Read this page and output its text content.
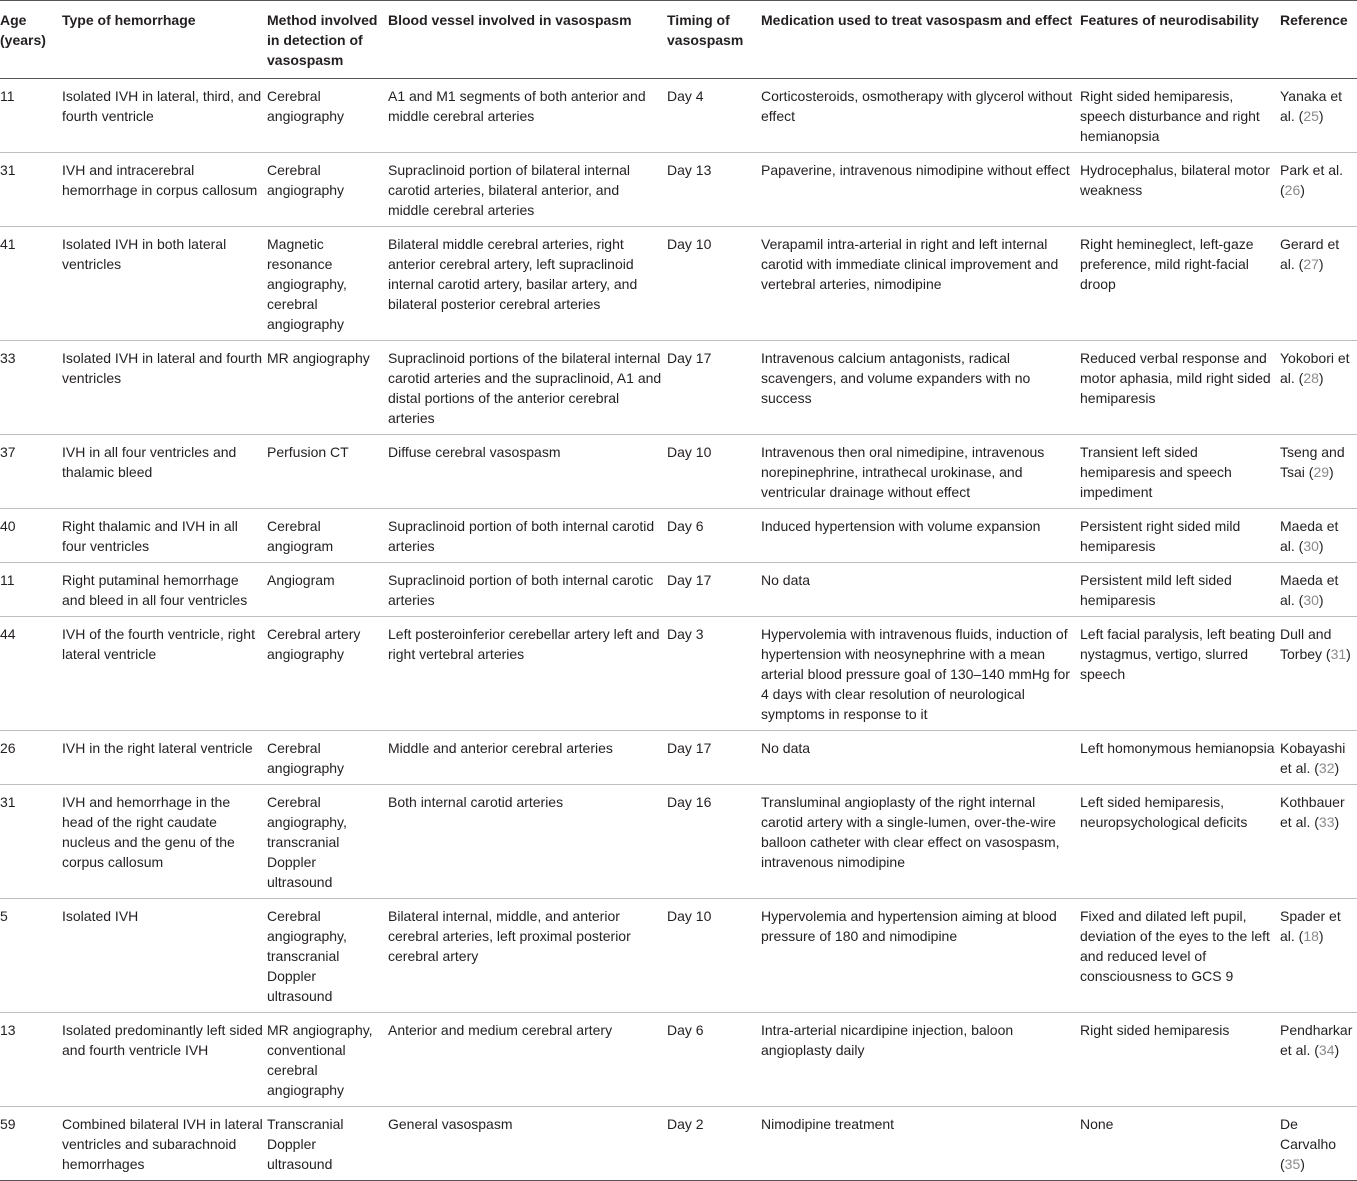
Age (years)	Type of hemorrhage	Method involved in detection of vasospasm	Blood vessel involved in vasospasm	Timing of vasospasm	Medication used to treat vasospasm and effect	Features of neurodisability	Reference
11	Isolated IVH in lateral, third, and fourth ventricle	Cerebral angiography	A1 and M1 segments of both anterior and middle cerebral arteries	Day 4	Corticosteroids, osmotherapy with glycerol without effect	Right sided hemiparesis, speech disturbance and right hemianopsia	Yanaka et al. (25)
31	IVH and intracerebral hemorrhage in corpus callosum	Cerebral angiography	Supraclinoid portion of bilateral internal carotid arteries, bilateral anterior, and middle cerebral arteries	Day 13	Papaverine, intravenous nimodipine without effect	Hydrocephalus, bilateral motor weakness	Park et al. (26)
41	Isolated IVH in both lateral ventricles	Magnetic resonance angiography, cerebral angiography	Bilateral middle cerebral arteries, right anterior cerebral artery, left supraclinoid internal carotid artery, basilar artery, and bilateral posterior cerebral arteries	Day 10	Verapamil intra-arterial in right and left internal carotid with immediate clinical improvement and vertebral arteries, nimodipine	Right hemineglect, left-gaze preference, mild right-facial droop	Gerard et al. (27)
33	Isolated IVH in lateral and fourth ventricles	MR angiography	Supraclinoid portions of the bilateral internal carotid arteries and the supraclinoid, A1 and distal portions of the anterior cerebral arteries	Day 17	Intravenous calcium antagonists, radical scavengers, and volume expanders with no success	Reduced verbal response and motor aphasia, mild right sided hemiparesis	Yokobori et al. (28)
37	IVH in all four ventricles and thalamic bleed	Perfusion CT	Diffuse cerebral vasospasm	Day 10	Intravenous then oral nimedipine, intravenous norepinephrine, intrathecal urokinase, and ventricular drainage without effect	Transient left sided hemiparesis and speech impediment	Tseng and Tsai (29)
40	Right thalamic and IVH in all four ventricles	Cerebral angiogram	Supraclinoid portion of both internal carotid arteries	Day 6	Induced hypertension with volume expansion	Persistent right sided mild hemiparesis	Maeda et al. (30)
11	Right putaminal hemorrhage and bleed in all four ventricles	Angiogram	Supraclinoid portion of both internal carotic arteries	Day 17	No data	Persistent mild left sided hemiparesis	Maeda et al. (30)
44	IVH of the fourth ventricle, right lateral ventricle	Cerebral artery angiography	Left posteroinferior cerebellar artery left and right vertebral arteries	Day 3	Hypervolemia with intravenous fluids, induction of hypertension with neosynephrine with a mean arterial blood pressure goal of 130–140 mmHg for 4 days with clear resolution of neurological symptoms in response to it	Left facial paralysis, left beating nystagmus, vertigo, slurred speech	Dull and Torbey (31)
26	IVH in the right lateral ventricle	Cerebral angiography	Middle and anterior cerebral arteries	Day 17	No data	Left homonymous hemianopsia	Kobayashi et al. (32)
31	IVH and hemorrhage in the head of the right caudate nucleus and the genu of the corpus callosum	Cerebral angiography, transcranial Doppler ultrasound	Both internal carotid arteries	Day 16	Transluminal angioplasty of the right internal carotid artery with a single-lumen, over-the-wire balloon catheter with clear effect on vasospasm, intravenous nimodipine	Left sided hemiparesis, neuropsychological deficits	Kothbauer et al. (33)
5	Isolated IVH	Cerebral angiography, transcranial Doppler ultrasound	Bilateral internal, middle, and anterior cerebral arteries, left proximal posterior cerebral artery	Day 10	Hypervolemia and hypertension aiming at blood pressure of 180 and nimodipine	Fixed and dilated left pupil, deviation of the eyes to the left and reduced level of consciousness to GCS 9	Spader et al. (18)
13	Isolated predominantly left sided and fourth ventricle IVH	MR angiography, conventional cerebral angiography	Anterior and medium cerebral artery	Day 6	Intra-arterial nicardipine injection, baloon angioplasty daily	Right sided hemiparesis	Pendharkar et al. (34)
59	Combined bilateral IVH in lateral ventricles and subarachnoid hemorrhages	Transcranial Doppler ultrasound	General vasospasm	Day 2	Nimodipine treatment	None	De Carvalho (35)
